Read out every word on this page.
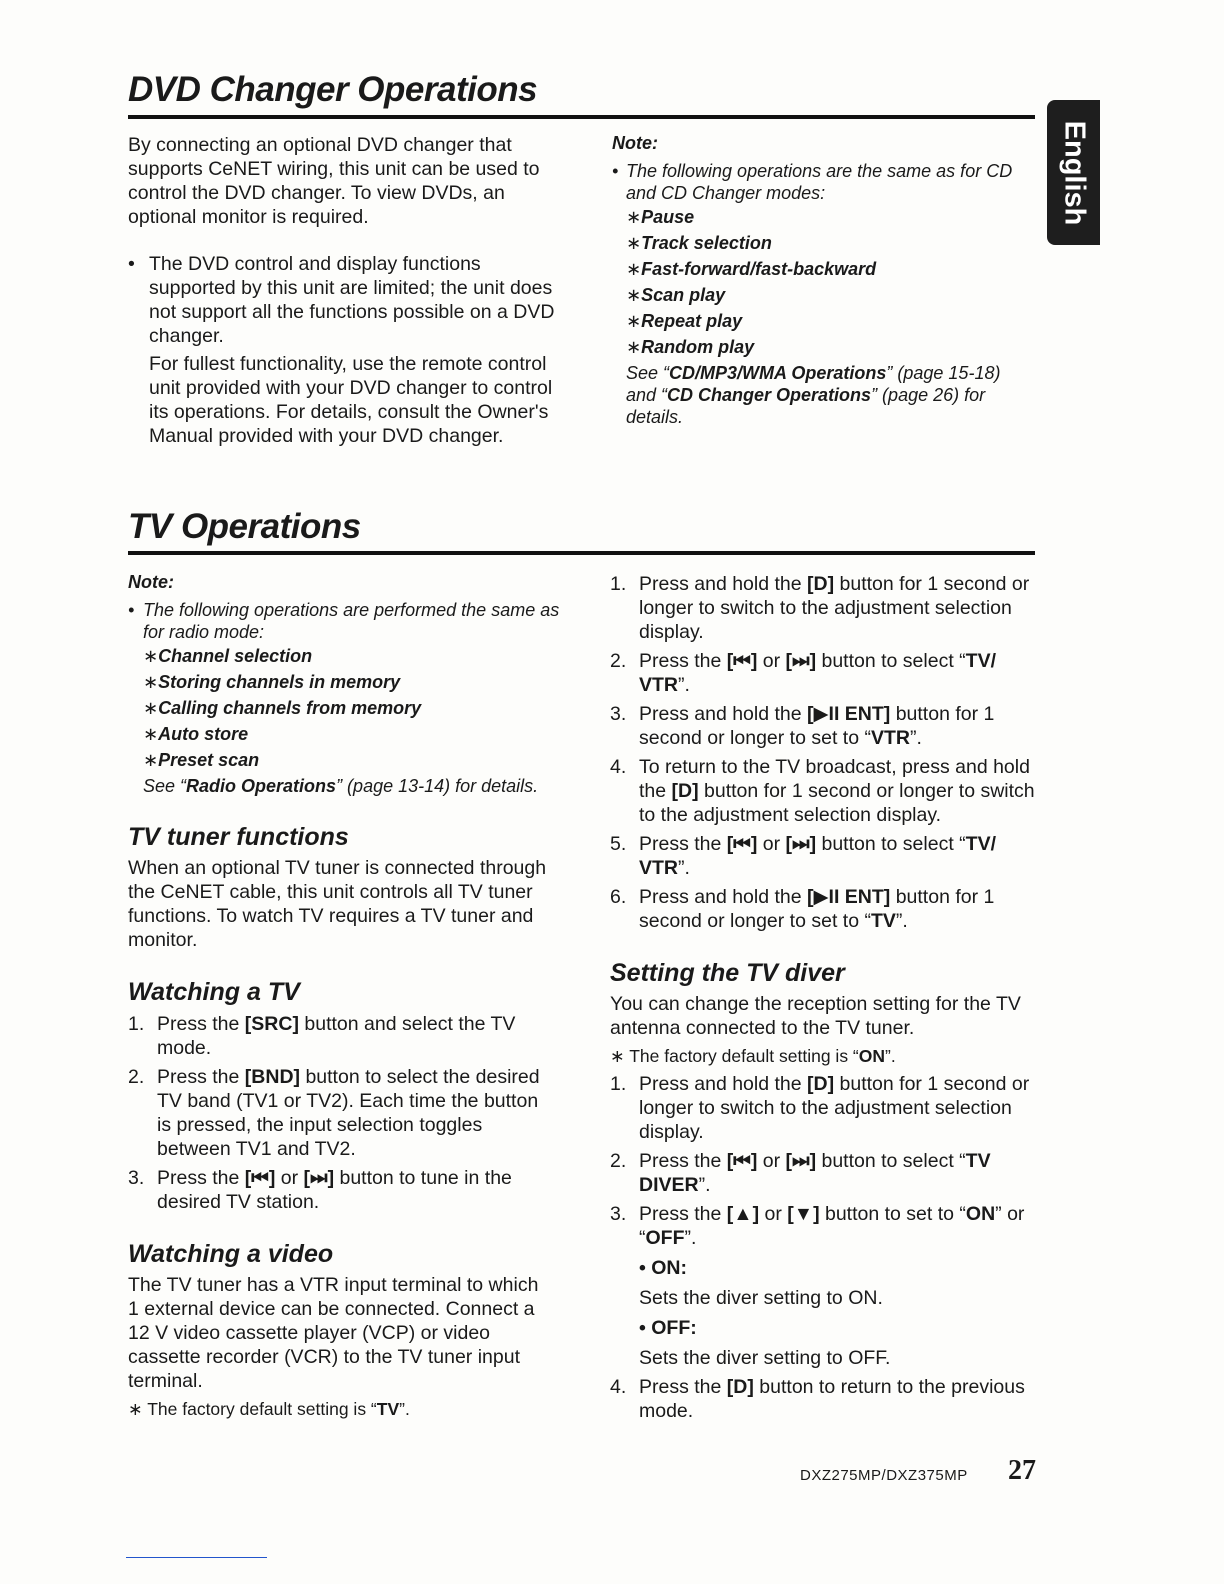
DVD Changer Operations

By connecting an optional DVD changer that supports CeNET wiring, this unit can be used to control the DVD changer. To view DVDs, an optional monitor is required.

• The DVD control and display functions supported by this unit are limited; the unit does not support all the functions possible on a DVD changer.

For fullest functionality, use the remote control unit provided with your DVD changer to control its operations. For details, consult the Owner's Manual provided with your DVD changer.

Note:

• The following operations are the same as for CD and CD Changer modes:

∗Pause
∗Track selection
∗Fast-forward/fast-backward
∗Scan play
∗Repeat play
∗Random play

See “CD/MP3/WMA Operations” (page 15-18) and “CD Changer Operations” (page 26) for details.

English
TV Operations

Note:

• The following operations are performed the same as for radio mode:

∗Channel selection
∗Storing channels in memory
∗Calling channels from memory
∗Auto store
∗Preset scan

See “Radio Operations” (page 13-14) for details.

TV tuner functions

When an optional TV tuner is connected through the CeNET cable, this unit controls all TV tuner functions. To watch TV requires a TV tuner and monitor.

Watching a TV
1. Press the [SRC] button and select the TV mode.
2. Press the [BND] button to select the desired TV band (TV1 or TV2). Each time the button is pressed, the input selection toggles between TV1 and TV2.
3. Press the [⏮] or [⏭] button to tune in the desired TV station.
Watching a video

The TV tuner has a VTR input terminal to which 1 external device can be connected. Connect a 12 V video cassette player (VCP) or video cassette recorder (VCR) to the TV tuner input terminal.

∗ The factory default setting is “TV”.

1. Press and hold the [D] button for 1 second or longer to switch to the adjustment selection display.
2. Press the [⏮] or [⏭] button to select “TV/ VTR”.
3. Press and hold the [▶II ENT] button for 1 second or longer to set to “VTR”.
4. To return to the TV broadcast, press and hold the [D] button for 1 second or longer to switch to the adjustment selection display.
5. Press the [⏮] or [⏭] button to select “TV/ VTR”.
6. Press and hold the [▶II ENT] button for 1 second or longer to set to “TV”.
Setting the TV diver

You can change the reception setting for the TV antenna connected to the TV tuner.

∗ The factory default setting is “ON”.

1. Press and hold the [D] button for 1 second or longer to switch to the adjustment selection display.
2. Press the [⏮] or [⏭] button to select “TV DIVER”.
3. Press the [▲] or [▼] button to set to “ON” or “OFF”.
• ON:
Sets the diver setting to ON.
• OFF:
Sets the diver setting to OFF.
4. Press the [D] button to return to the previous mode.
DXZ275MP/DXZ375MP 27
